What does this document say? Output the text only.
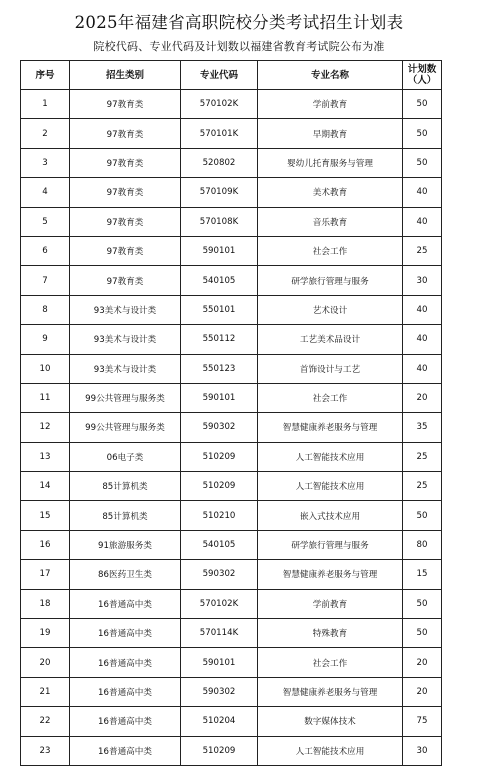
2025年福建省高职院校分类考试招生计划表
院校代码、专业代码及计划数以福建省教育考试院公布为准
序号	招生类别	专业代码	专业名称	计划数
（人）
1	97教育类	570102K	学前教育	50
2	97教育类	570101K	早期教育	50
3	97教育类	520802	婴幼儿托育服务与管理	50
4	97教育类	570109K	美术教育	40
5	97教育类	570108K	音乐教育	40
6	97教育类	590101	社会工作	25
7	97教育类	540105	研学旅行管理与服务	30
8	93美术与设计类	550101	艺术设计	40
9	93美术与设计类	550112	工艺美术品设计	40
10	93美术与设计类	550123	首饰设计与工艺	40
11	99公共管理与服务类	590101	社会工作	20
12	99公共管理与服务类	590302	智慧健康养老服务与管理	35
13	06电子类	510209	人工智能技术应用	25
14	85计算机类	510209	人工智能技术应用	25
15	85计算机类	510210	嵌入式技术应用	50
16	91旅游服务类	540105	研学旅行管理与服务	80
17	86医药卫生类	590302	智慧健康养老服务与管理	15
18	16普通高中类	570102K	学前教育	50
19	16普通高中类	570114K	特殊教育	50
20	16普通高中类	590101	社会工作	20
21	16普通高中类	590302	智慧健康养老服务与管理	20
22	16普通高中类	510204	数字媒体技术	75
23	16普通高中类	510209	人工智能技术应用	30
